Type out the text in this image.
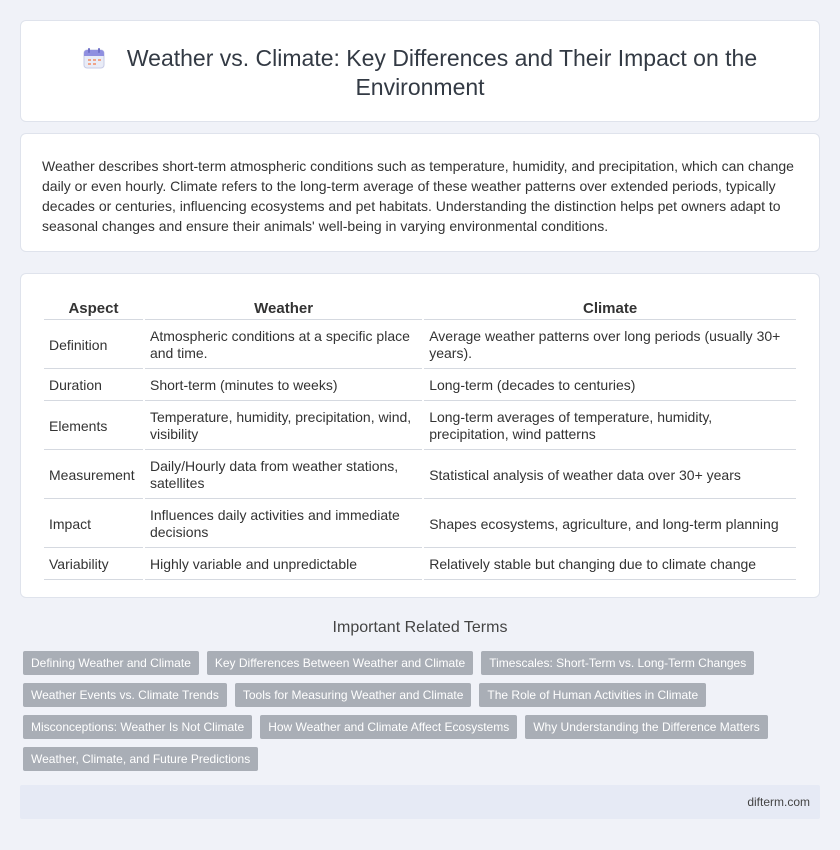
Weather vs. Climate: Key Differences and Their Impact on the Environment

Weather describes short-term atmospheric conditions such as temperature, humidity, and precipitation, which can change daily or even hourly. Climate refers to the long-term average of these weather patterns over extended periods, typically decades or centuries, influencing ecosystems and pet habitats. Understanding the distinction helps pet owners adapt to seasonal changes and ensure their animals' well-being in varying environmental conditions.

Aspect	Weather	Climate
Definition	Atmospheric conditions at a specific place and time.	Average weather patterns over long periods (usually 30+ years).
Duration	Short-term (minutes to weeks)	Long-term (decades to centuries)
Elements	Temperature, humidity, precipitation, wind, visibility	Long-term averages of temperature, humidity, precipitation, wind patterns
Measurement	Daily/Hourly data from weather stations, satellites	Statistical analysis of weather data over 30+ years
Impact	Influences daily activities and immediate decisions	Shapes ecosystems, agriculture, and long-term planning
Variability	Highly variable and unpredictable	Relatively stable but changing due to climate change
Important Related Terms
Defining Weather and Climate	Key Differences Between Weather and Climate	Timescales: Short-Term vs. Long-Term Changes
Weather Events vs. Climate Trends	Tools for Measuring Weather and Climate	The Role of Human Activities in Climate
Misconceptions: Weather Is Not Climate	How Weather and Climate Affect Ecosystems	Why Understanding the Difference Matters
Weather, Climate, and Future Predictions
difterm.com
